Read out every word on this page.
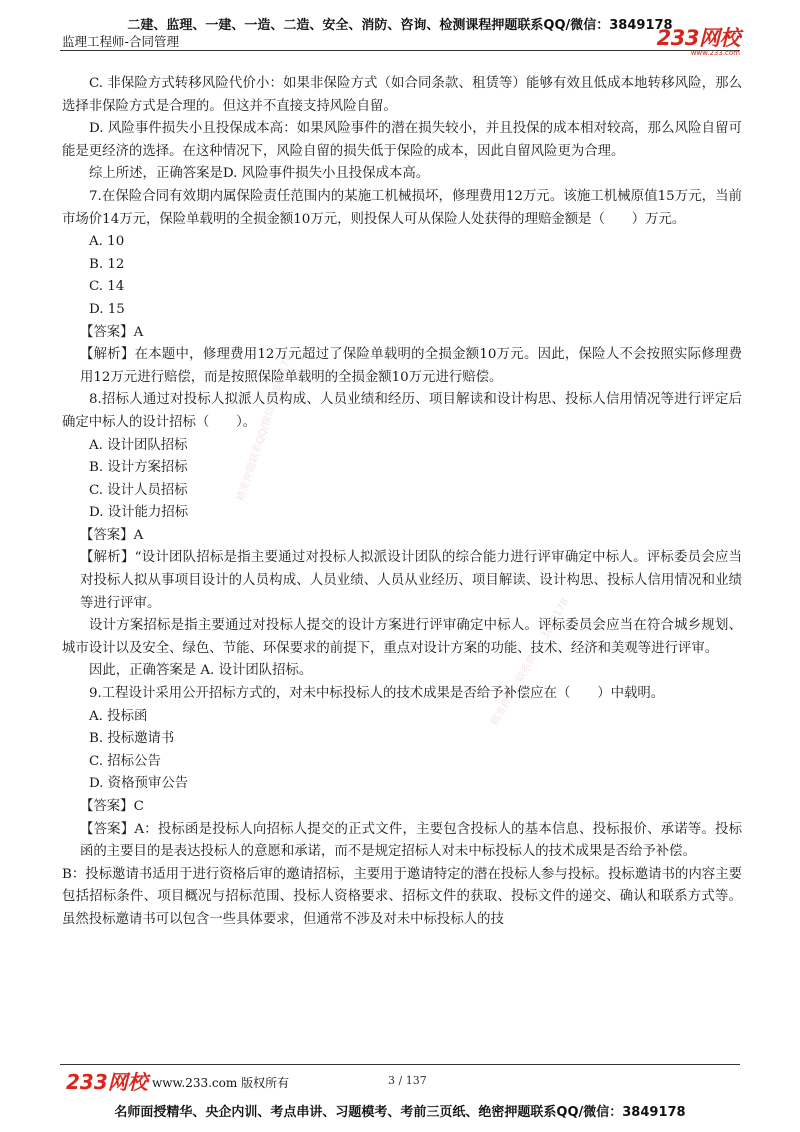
二建、监理、一建、一造、二造、安全、消防、咨询、检测课程押题联系QQ/微信：3849178
监理工程师-合同管理	233网校
www.233.com
精准押题联系QQ/微信：3849178
精准押题一联系微信：3849178

C. 非保险方式转移风险代价小：如果非保险方式（如合同条款、租赁等）能够有效且低成本地转移风险，那么选择非保险方式是合理的。但这并不直接支持风险自留。

D. 风险事件损失小且投保成本高：如果风险事件的潜在损失较小，并且投保的成本相对较高，那么风险自留可能是更经济的选择。在这种情况下，风险自留的损失低于保险的成本，因此自留风险更为合理。

综上所述，正确答案是D. 风险事件损失小且投保成本高。

7.在保险合同有效期内属保险责任范围内的某施工机械损坏，修理费用12万元。该施工机械原值15万元，当前市场价14万元，保险单载明的全损金额10万元，则投保人可从保险人处获得的理赔金额是（　　）万元。

A. 10

B. 12

C. 14

D. 15

【答案】A

【解析】在本题中，修理费用12万元超过了保险单载明的全损金额10万元。因此，保险人不会按照实际修理费用12万元进行赔偿，而是按照保险单载明的全损金额10万元进行赔偿。

8.招标人通过对投标人拟派人员构成、人员业绩和经历、项目解读和设计构思、投标人信用情况等进行评定后确定中标人的设计招标（　　）。

A. 设计团队招标

B. 设计方案招标

C. 设计人员招标

D. 设计能力招标

【答案】A

【解析】“设计团队招标是指主要通过对投标人拟派设计团队的综合能力进行评审确定中标人。评标委员会应当对投标人拟从事项目设计的人员构成、人员业绩、人员从业经历、项目解读、设计构思、投标人信用情况和业绩等进行评审。

设计方案招标是指主要通过对投标人提交的设计方案进行评审确定中标人。评标委员会应当在符合城乡规划、城市设计以及安全、绿色、节能、环保要求的前提下，重点对设计方案的功能、技术、经济和美观等进行评审。

因此，正确答案是 A. 设计团队招标。

9.工程设计采用公开招标方式的，对未中标投标人的技术成果是否给予补偿应在（　　）中载明。

A. 投标函

B. 投标邀请书

C. 招标公告

D. 资格预审公告

【答案】C

【答案】A：投标函是投标人向招标人提交的正式文件，主要包含投标人的基本信息、投标报价、承诺等。投标函的主要目的是表达投标人的意愿和承诺，而不是规定招标人对未中标投标人的技术成果是否给予补偿。

B：投标邀请书适用于进行资格后审的邀请招标，主要用于邀请特定的潜在投标人参与投标。投标邀请书的内容主要包括招标条件、项目概况与招标范围、投标人资格要求、招标文件的获取、投标文件的递交、确认和联系方式等。虽然投标邀请书可以包含一些具体要求，但通常不涉及对未中标投标人的技

233网校 www.233.com 版权所有	3 / 137
名师面授精华、央企内训、考点串讲、习题模考、考前三页纸、绝密押题联系QQ/微信：3849178
